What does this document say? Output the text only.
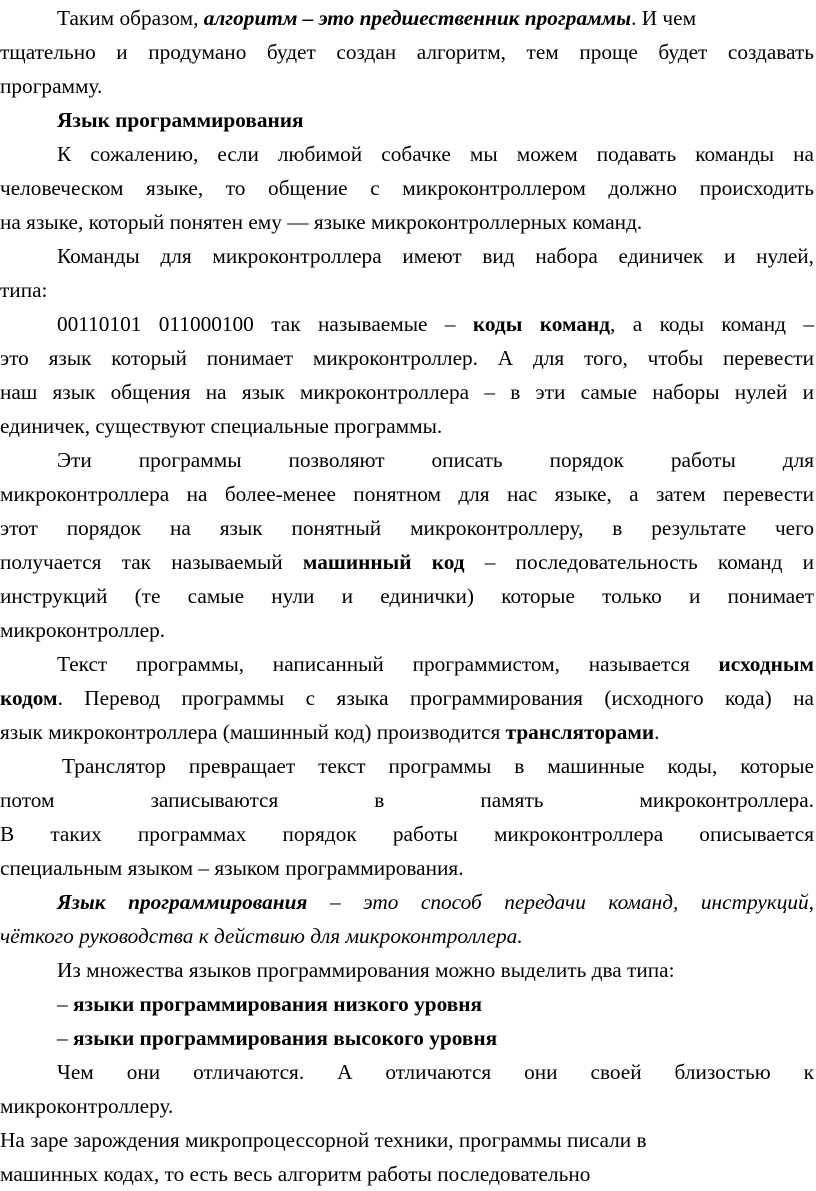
Таким образом, алгоритм – это предшественник программы. И чем
тщательно и продумано будет создан алгоритм, тем проще будет создавать
программу.
Язык программирования
К сожалению, если любимой собачке мы можем подавать команды на
человеческом языке, то общение с микроконтроллером должно происходить
на языке, который понятен ему — языке микроконтроллерных команд.
Команды для микроконтроллера имеют вид набора единичек и нулей,
типа:
00110101 011000100 так называемые – коды команд, а коды команд –
это язык который понимает микроконтроллер. А для того, чтобы перевести
наш язык общения на язык микроконтроллера – в эти самые наборы нулей и
единичек, существуют специальные программы.
Эти программы позволяют описать порядок работы для
микроконтроллера на более-менее понятном для нас языке, а затем перевести
этот порядок на язык понятный микроконтроллеру, в результате чего
получается так называемый машинный код – последовательность команд и
инструкций (те самые нули и единички) которые только и понимает
микроконтроллер.
Текст программы, написанный программистом, называется исходным
кодом. Перевод программы с языка программирования (исходного кода) на
язык микроконтроллера (машинный код) производится трансляторами.
Транслятор превращает текст программы в машинные коды, которые
потом записываются в память микроконтроллера.
В таких программах порядок работы микроконтроллера описывается
специальным языком – языком программирования.
Язык программирования – это способ передачи команд, инструкций,
чёткого руководства к действию для микроконтроллера.
Из множества языков программирования можно выделить два типа:
– языки программирования низкого уровня
– языки программирования высокого уровня
Чем они отличаются. А отличаются они своей близостью к
микроконтроллеру.
На заре зарождения микропроцессорной техники, программы писали в
машинных кодах, то есть весь алгоритм работы последовательно
